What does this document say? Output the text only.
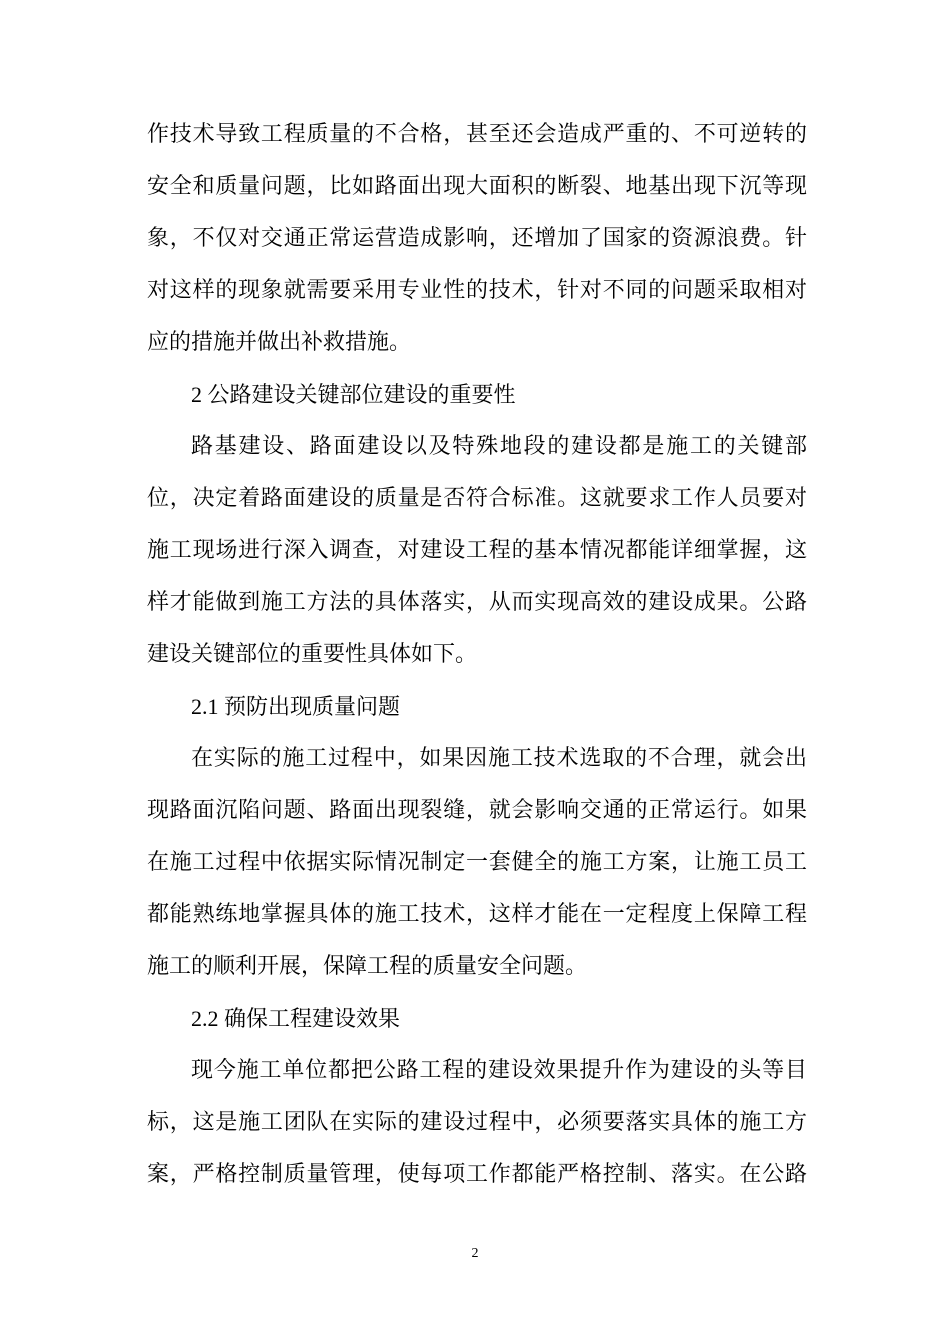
作技术导致工程质量的不合格，甚至还会造成严重的、不可逆转的
安全和质量问题，比如路面出现大面积的断裂、地基出现下沉等现
象，不仅对交通正常运营造成影响，还增加了国家的资源浪费。针
对这样的现象就需要采用专业性的技术，针对不同的问题采取相对
应的措施并做出补救措施。
2 公路建设关键部位建设的重要性
路基建设、路面建设以及特殊地段的建设都是施工的关键部
位，决定着路面建设的质量是否符合标准。这就要求工作人员要对
施工现场进行深入调查，对建设工程的基本情况都能详细掌握，这
样才能做到施工方法的具体落实，从而实现高效的建设成果。公路
建设关键部位的重要性具体如下。
2.1 预防出现质量问题
在实际的施工过程中，如果因施工技术选取的不合理，就会出
现路面沉陷问题、路面出现裂缝，就会影响交通的正常运行。如果
在施工过程中依据实际情况制定一套健全的施工方案，让施工员工
都能熟练地掌握具体的施工技术，这样才能在一定程度上保障工程
施工的顺利开展，保障工程的质量安全问题。
2.2 确保工程建设效果
现今施工单位都把公路工程的建设效果提升作为建设的头等目
标，这是施工团队在实际的建设过程中，必须要落实具体的施工方
案，严格控制质量管理，使每项工作都能严格控制、落实。在公路
2
